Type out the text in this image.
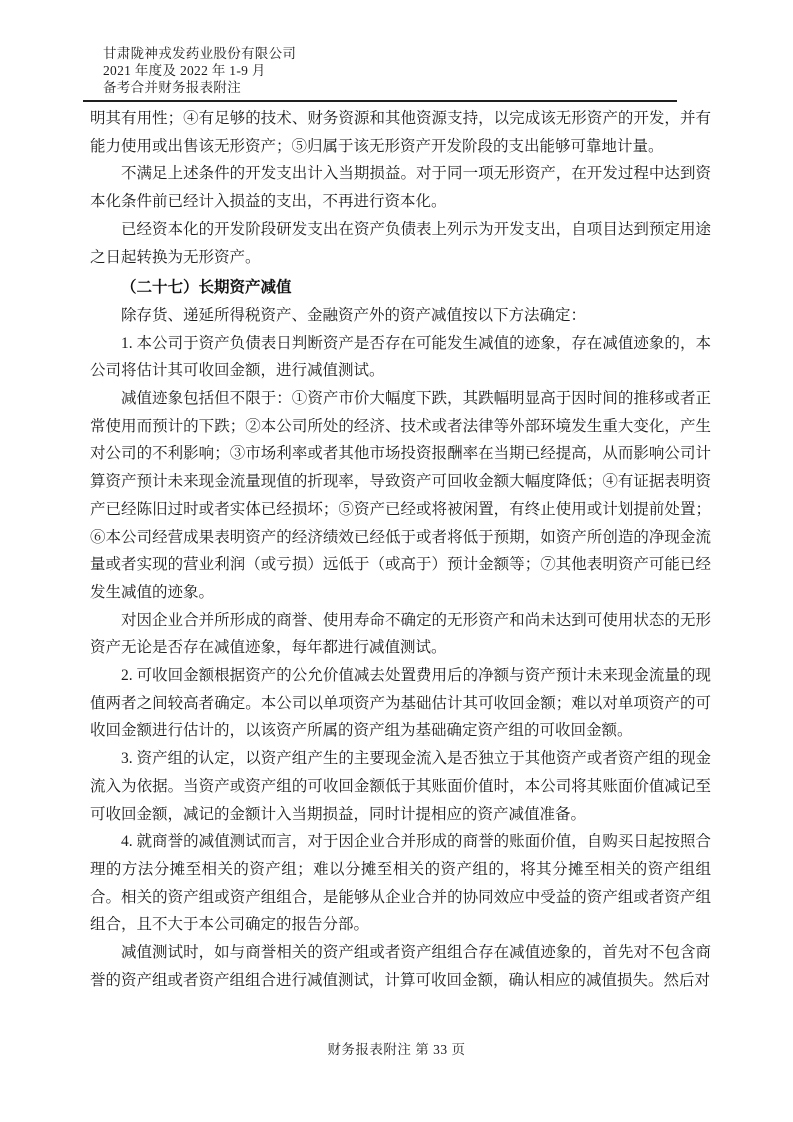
甘肃陇神戎发药业股份有限公司
2021 年度及 2022 年 1-9 月
备考合并财务报表附注

明其有用性；④有足够的技术、财务资源和其他资源支持，以完成该无形资产的开发，并有能力使用或出售该无形资产；⑤归属于该无形资产开发阶段的支出能够可靠地计量。

不满足上述条件的开发支出计入当期损益。对于同一项无形资产，在开发过程中达到资本化条件前已经计入损益的支出，不再进行资本化。

已经资本化的开发阶段研发支出在资产负债表上列示为开发支出，自项目达到预定用途之日起转换为无形资产。

（二十七）长期资产减值

除存货、递延所得税资产、金融资产外的资产减值按以下方法确定：

1. 本公司于资产负债表日判断资产是否存在可能发生减值的迹象，存在减值迹象的，本公司将估计其可收回金额，进行减值测试。

减值迹象包括但不限于：①资产市价大幅度下跌，其跌幅明显高于因时间的推移或者正常使用而预计的下跌；②本公司所处的经济、技术或者法律等外部环境发生重大变化，产生对公司的不利影响；③市场利率或者其他市场投资报酬率在当期已经提高，从而影响公司计算资产预计未来现金流量现值的折现率，导致资产可回收金额大幅度降低；④有证据表明资产已经陈旧过时或者实体已经损坏；⑤资产已经或将被闲置，有终止使用或计划提前处置；⑥本公司经营成果表明资产的经济绩效已经低于或者将低于预期，如资产所创造的净现金流量或者实现的营业利润（或亏损）远低于（或高于）预计金额等；⑦其他表明资产可能已经发生减值的迹象。

对因企业合并所形成的商誉、使用寿命不确定的无形资产和尚未达到可使用状态的无形资产无论是否存在减值迹象，每年都进行减值测试。

2. 可收回金额根据资产的公允价值减去处置费用后的净额与资产预计未来现金流量的现值两者之间较高者确定。本公司以单项资产为基础估计其可收回金额；难以对单项资产的可收回金额进行估计的，以该资产所属的资产组为基础确定资产组的可收回金额。

3. 资产组的认定，以资产组产生的主要现金流入是否独立于其他资产或者资产组的现金流入为依据。当资产或资产组的可收回金额低于其账面价值时，本公司将其账面价值减记至可收回金额，减记的金额计入当期损益，同时计提相应的资产减值准备。

4. 就商誉的减值测试而言，对于因企业合并形成的商誉的账面价值，自购买日起按照合理的方法分摊至相关的资产组；难以分摊至相关的资产组的，将其分摊至相关的资产组组合。相关的资产组或资产组组合，是能够从企业合并的协同效应中受益的资产组或者资产组组合，且不大于本公司确定的报告分部。

减值测试时，如与商誉相关的资产组或者资产组组合存在减值迹象的，首先对不包含商誉的资产组或者资产组组合进行减值测试，计算可收回金额，确认相应的减值损失。然后对

财务报表附注 第 33 页
